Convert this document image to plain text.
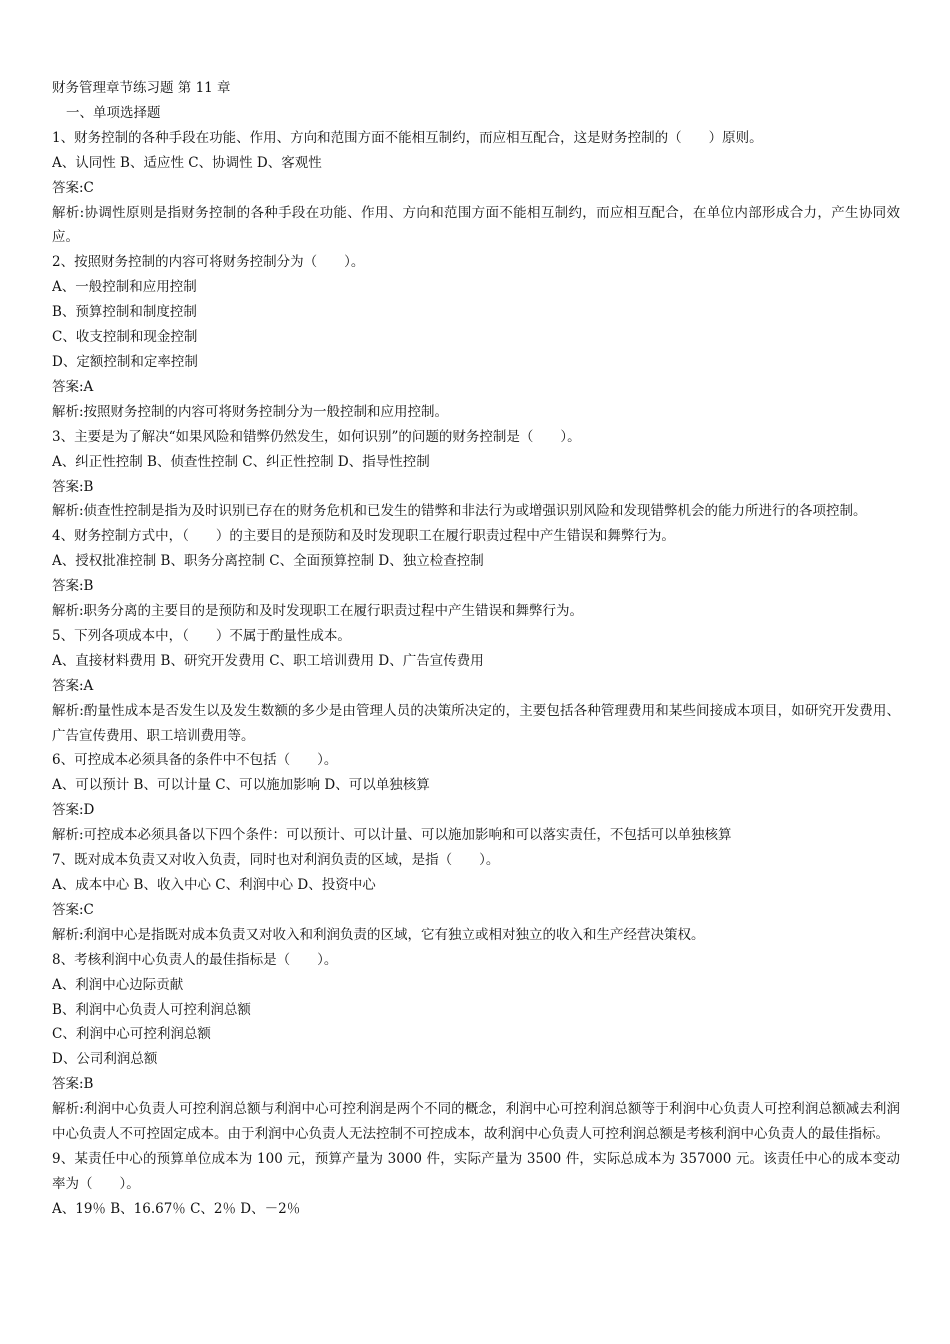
财务管理章节练习题 第 11 章
一、单项选择题
1、财务控制的各种手段在功能、作用、方向和范围方面不能相互制约，而应相互配合，这是财务控制的（　　）原则。
A、认同性 B、适应性 C、协调性 D、客观性
答案:C
解析:协调性原则是指财务控制的各种手段在功能、作用、方向和范围方面不能相互制约，而应相互配合，在单位内部形成合力，产生协同效应。
2、按照财务控制的内容可将财务控制分为（　　）。
A、一般控制和应用控制
B、预算控制和制度控制
C、收支控制和现金控制
D、定额控制和定率控制
答案:A
解析:按照财务控制的内容可将财务控制分为一般控制和应用控制。
3、主要是为了解决“如果风险和错弊仍然发生，如何识别”的问题的财务控制是（　　）。
A、纠正性控制 B、侦查性控制 C、纠正性控制 D、指导性控制
答案:B
解析:侦查性控制是指为及时识别已存在的财务危机和已发生的错弊和非法行为或增强识别风险和发现错弊机会的能力所进行的各项控制。
4、财务控制方式中，（　　）的主要目的是预防和及时发现职工在履行职责过程中产生错误和舞弊行为。
A、授权批准控制 B、职务分离控制 C、全面预算控制 D、独立检查控制
答案:B
解析:职务分离的主要目的是预防和及时发现职工在履行职责过程中产生错误和舞弊行为。
5、下列各项成本中，（　　）不属于酌量性成本。
A、直接材料费用 B、研究开发费用 C、职工培训费用 D、广告宣传费用
答案:A
解析:酌量性成本是否发生以及发生数额的多少是由管理人员的决策所决定的，主要包括各种管理费用和某些间接成本项目，如研究开发费用、广告宣传费用、职工培训费用等。
6、可控成本必须具备的条件中不包括（　　）。
A、可以预计 B、可以计量 C、可以施加影响 D、可以单独核算
答案:D
解析:可控成本必须具备以下四个条件：可以预计、可以计量、可以施加影响和可以落实责任，不包括可以单独核算
7、既对成本负责又对收入负责，同时也对利润负责的区域，是指（　　）。
A、成本中心 B、收入中心 C、利润中心 D、投资中心
答案:C
解析:利润中心是指既对成本负责又对收入和利润负责的区域，它有独立或相对独立的收入和生产经营决策权。
8、考核利润中心负责人的最佳指标是（　　）。
A、利润中心边际贡献
B、利润中心负责人可控利润总额
C、利润中心可控利润总额
D、公司利润总额
答案:B
解析:利润中心负责人可控利润总额与利润中心可控利润是两个不同的概念，利润中心可控利润总额等于利润中心负责人可控利润总额减去利润中心负责人不可控固定成本。由于利润中心负责人无法控制不可控成本，故利润中心负责人可控利润总额是考核利润中心负责人的最佳指标。
9、某责任中心的预算单位成本为 100 元，预算产量为 3000 件，实际产量为 3500 件，实际总成本为 357000 元。该责任中心的成本变动率为（　　）。
A、19％ B、16.67％ C、2％ D、－2％
